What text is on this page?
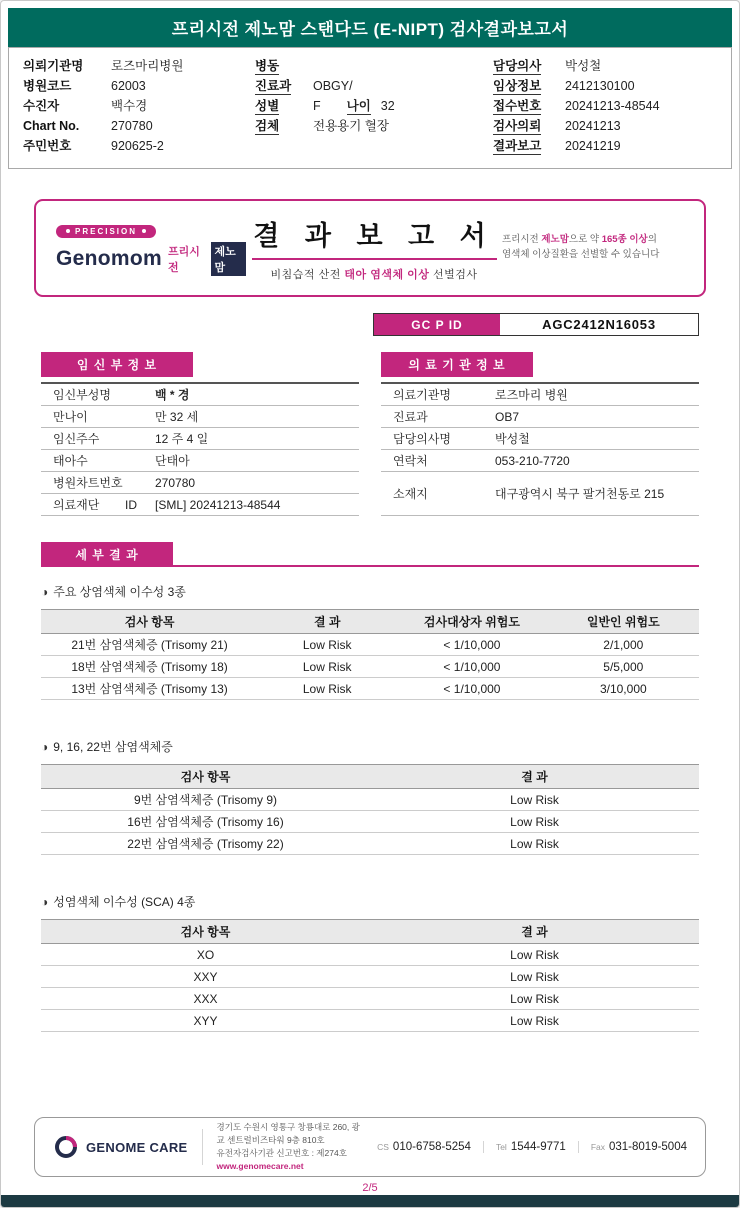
프리시전 제노맘 스탠다드 (E-NIPT) 검사결과보고서
의뢰기관명	로즈마리병원
병원코드	62003
수진자	백수경
Chart No.	270780
주민번호	920625-2
병동
진료과	OBGY/
성별	F 나이 32
검체	전용용기 혈장
담당의사	박성철
임상정보	2412130100
접수번호	20241213-48544
검사의뢰	20241213
결과보고	20241219
PRECISION
Genomom 프리시전
제노맘
결 과 보 고 서
비침습적 산전 태아 염색체 이상 선별검사
프리시전 제노맘으로 약 165종 이상의
염색체 이상질환을 선별할 수 있습니다
GC P ID	AGC2412N16053
임 신 부 정 보
임신부성명	백 * 경
만나이	만 32 세
임신주수	12 주 4 일
태아수	단태아
병원차트번호	270780
의료재단 ID	[SML] 20241213-48544
의 료 기 관 정 보
의료기관명	로즈마리 병원
진료과	OB7
담당의사명	박성철
연락처	053-210-7720
소재지	대구광역시 북구 팔거천동로 215
세 부 결 과
◑ 주요 상염색체 이수성 3종
검사 항목	결 과	검사대상자 위험도	일반인 위험도
21번 삼염색체증 (Trisomy 21)	Low Risk	< 1/10,000	2/1,000
18번 삼염색체증 (Trisomy 18)	Low Risk	< 1/10,000	5/5,000
13번 삼염색체증 (Trisomy 13)	Low Risk	< 1/10,000	3/10,000
◑ 9, 16, 22번 삼염색체증
검사 항목	결 과
9번 삼염색체증 (Trisomy 9)	Low Risk
16번 삼염색체증 (Trisomy 16)	Low Risk
22번 삼염색체증 (Trisomy 22)	Low Risk
◑ 성염색체 이수성 (SCA) 4종
검사 항목	결 과
XO	Low Risk
XXY	Low Risk
XXX	Low Risk
XYY	Low Risk
GENOME CARE
경기도 수원시 영통구 창룡대로 260, 광교 센트럴비즈타워 9층 810호
유전자검사기관 신고번호 : 제274호
www.genomecare.net
CS 010-6758-5254	Tel 1544-9771	Fax 031-8019-5004
2/5
